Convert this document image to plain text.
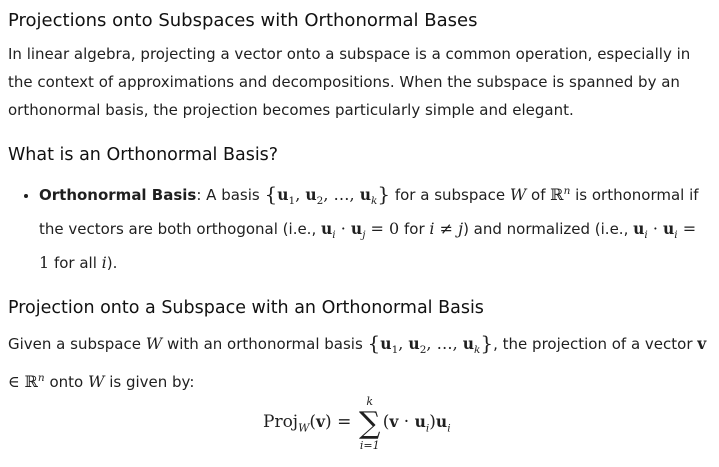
Projections onto Subspaces with Orthonormal Bases

In linear algebra, projecting a vector onto a subspace is a common operation, especially in the context of approximations and decompositions. When the subspace is spanned by an orthonormal basis, the projection becomes particularly simple and elegant.

What is an Orthonormal Basis?
• Orthonormal Basis: A basis {$u_1$, $u_2$, …, $u_k$} for a subspace W of ℝ$^n$ is orthonormal if the vectors are both orthogonal (i.e., $u_i \cdot u_j = 0$ for i ≠ j) and normalized (i.e., $u_i \cdot u_i = 1$ for all i).
Projection onto a Subspace with an Orthonormal Basis

Given a subspace W with an orthonormal basis {$u_1$, $u_2$, …, $u_k$}, the projection of a vector v ∈ ℝ$^n$ onto W is given by:

Proj$_W$(v) =
k
∑
i=1
$(v \cdot u_i)u_i$
